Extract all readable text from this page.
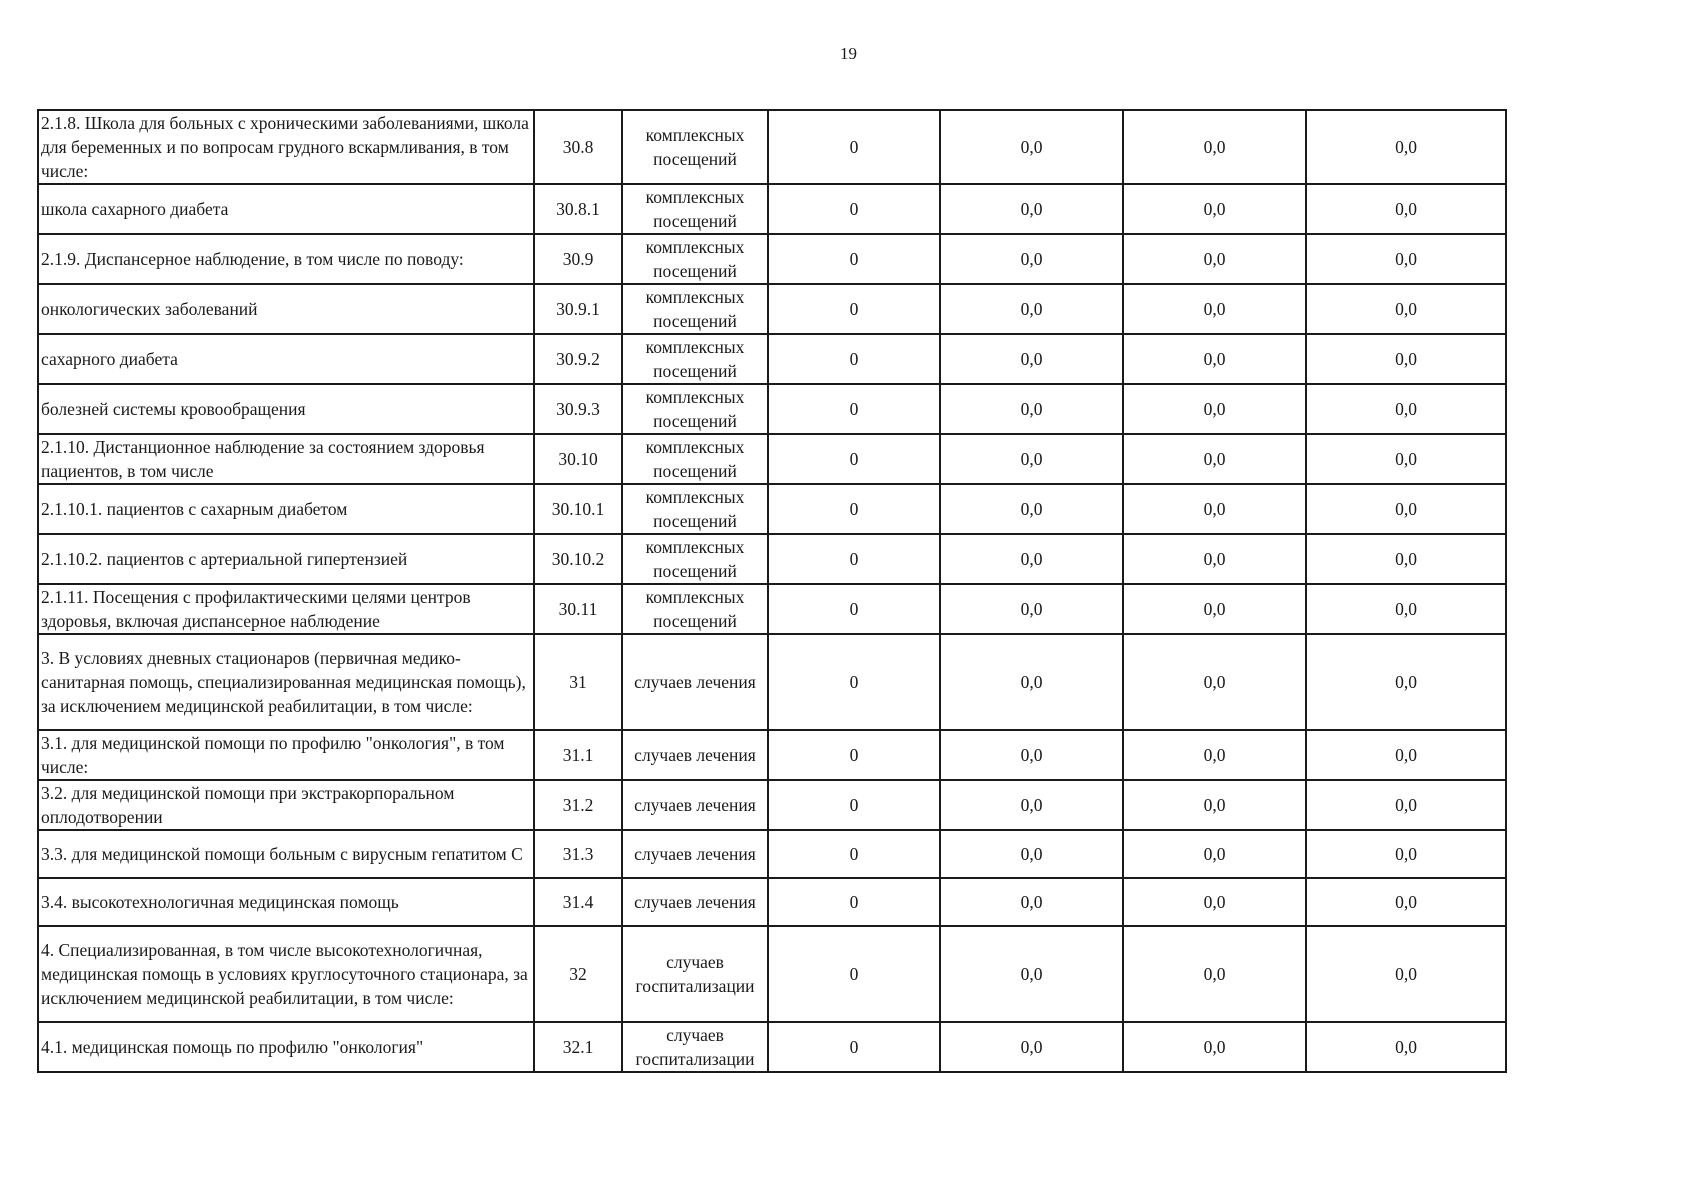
19
2.1.8. Школа для больных с хроническими заболеваниями, школа для беременных и по вопросам грудного вскармливания, в том числе:	30.8	комплексных посещений	0	0,0	0,0	0,0
школа сахарного диабета	30.8.1	комплексных посещений	0	0,0	0,0	0,0
2.1.9. Диспансерное наблюдение, в том числе по поводу:	30.9	комплексных посещений	0	0,0	0,0	0,0
онкологических заболеваний	30.9.1	комплексных посещений	0	0,0	0,0	0,0
сахарного диабета	30.9.2	комплексных посещений	0	0,0	0,0	0,0
болезней системы кровообращения	30.9.3	комплексных посещений	0	0,0	0,0	0,0
2.1.10. Дистанционное наблюдение за состоянием здоровья пациентов, в том числе	30.10	комплексных посещений	0	0,0	0,0	0,0
2.1.10.1. пациентов с сахарным диабетом	30.10.1	комплексных посещений	0	0,0	0,0	0,0
2.1.10.2. пациентов с артериальной гипертензией	30.10.2	комплексных посещений	0	0,0	0,0	0,0
2.1.11. Посещения с профилактическими целями центров здоровья, включая диспансерное наблюдение	30.11	комплексных посещений	0	0,0	0,0	0,0
3. В условиях дневных стационаров (первичная медико-санитарная помощь, специализированная медицинская помощь), за исключением медицинской реабилитации, в том числе:	31	случаев лечения	0	0,0	0,0	0,0
3.1. для медицинской помощи по профилю "онкология", в том числе:	31.1	случаев лечения	0	0,0	0,0	0,0
3.2. для медицинской помощи при экстракорпоральном оплодотворении	31.2	случаев лечения	0	0,0	0,0	0,0
3.3. для медицинской помощи больным с вирусным гепатитом С	31.3	случаев лечения	0	0,0	0,0	0,0
3.4. высокотехнологичная медицинская помощь	31.4	случаев лечения	0	0,0	0,0	0,0
4. Специализированная, в том числе высокотехнологичная, медицинская помощь в условиях круглосуточного стационара, за исключением медицинской реабилитации, в том числе:	32	случаев госпитализации	0	0,0	0,0	0,0
4.1. медицинская помощь по профилю "онкология"	32.1	случаев госпитализации	0	0,0	0,0	0,0
